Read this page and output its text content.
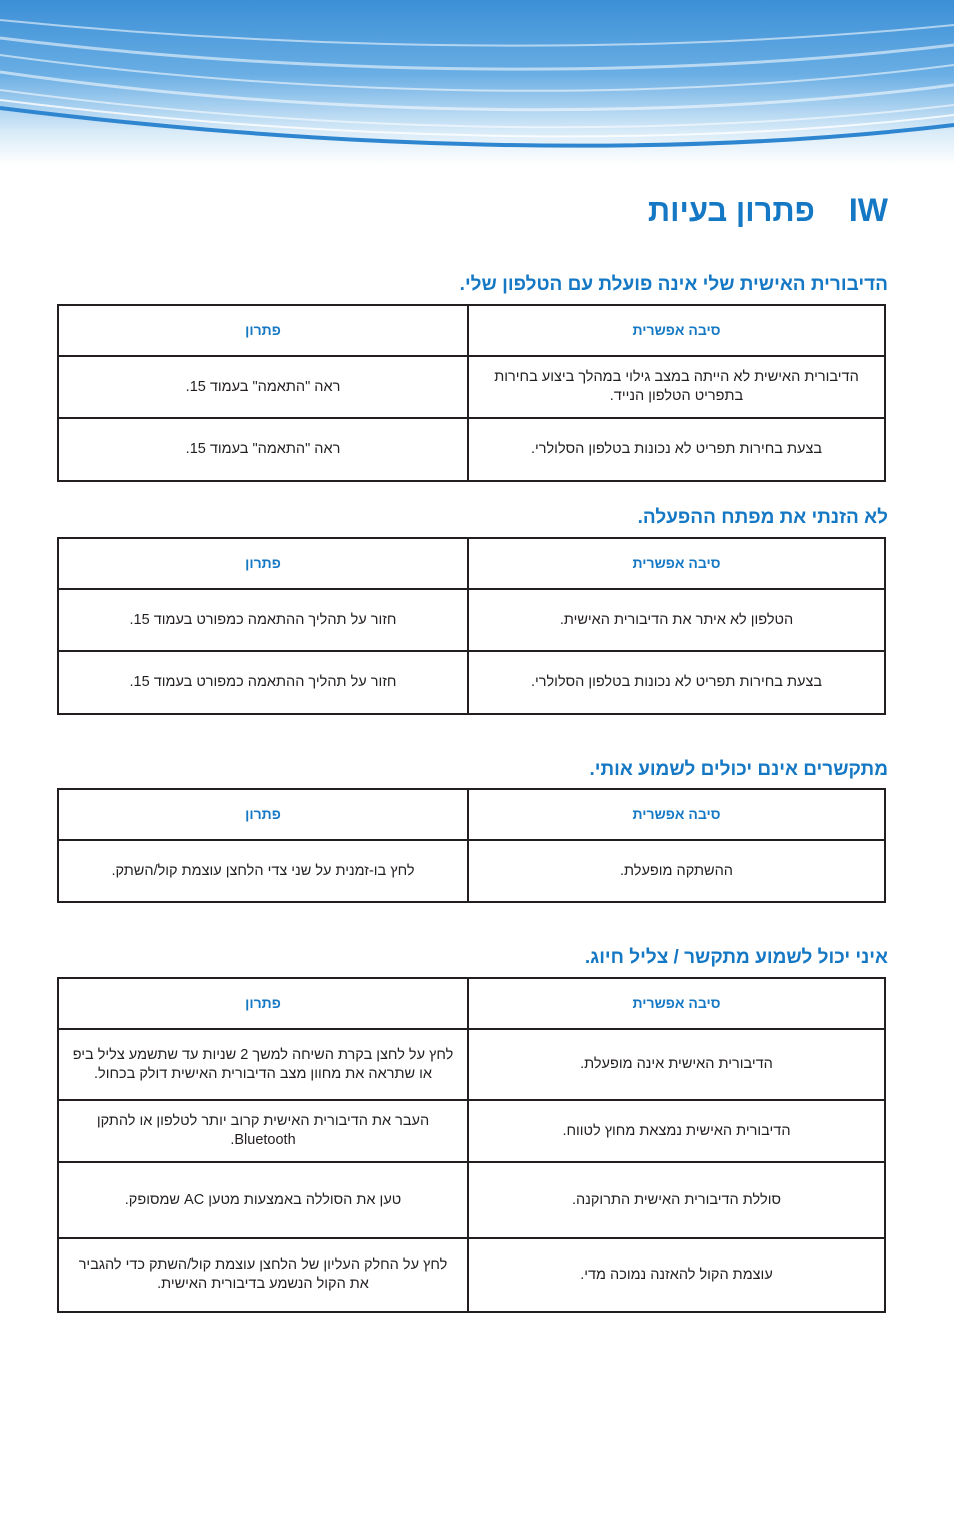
IWפתרון בעיות
הדיבורית האישית שלי אינה פועלת עם הטלפון שלי.
סיבה אפשרית	פתרון
הדיבורית האישית לא הייתה במצב גילוי במהלך ביצוע בחירות בתפריט הטלפון הנייד.	ראה "התאמה" בעמוד 15.
בצעת בחירות תפריט לא נכונות בטלפון הסלולרי.	ראה "התאמה" בעמוד 15.
לא הזנתי את מפתח ההפעלה.
סיבה אפשרית	פתרון
הטלפון לא איתר את הדיבורית האישית.	חזור על תהליך ההתאמה כמפורט בעמוד 15.
בצעת בחירות תפריט לא נכונות בטלפון הסלולרי.	חזור על תהליך ההתאמה כמפורט בעמוד 15.
מתקשרים אינם יכולים לשמוע אותי.
סיבה אפשרית	פתרון
ההשתקה מופעלת.	לחץ בו-זמנית על שני צדי הלחצן עוצמת קול/השתק.
איני יכול לשמוע מתקשר / צליל חיוג.
סיבה אפשרית	פתרון
הדיבורית האישית אינה מופעלת.	לחץ על לחצן בקרת השיחה למשך 2 שניות עד שתשמע צליל ביפ או שתראה את מחוון מצב הדיבורית האישית דולק בכחול.
הדיבורית האישית נמצאת מחוץ לטווח.	העבר את הדיבורית האישית קרוב יותר לטלפון או להתקן Bluetooth.
סוללת הדיבורית האישית התרוקנה.	טען את הסוללה באמצעות מטען AC שמסופק.
עוצמת הקול להאזנה נמוכה מדי.	לחץ על החלק העליון של הלחצן עוצמת קול/השתק כדי להגביר את הקול הנשמע בדיבורית האישית.
